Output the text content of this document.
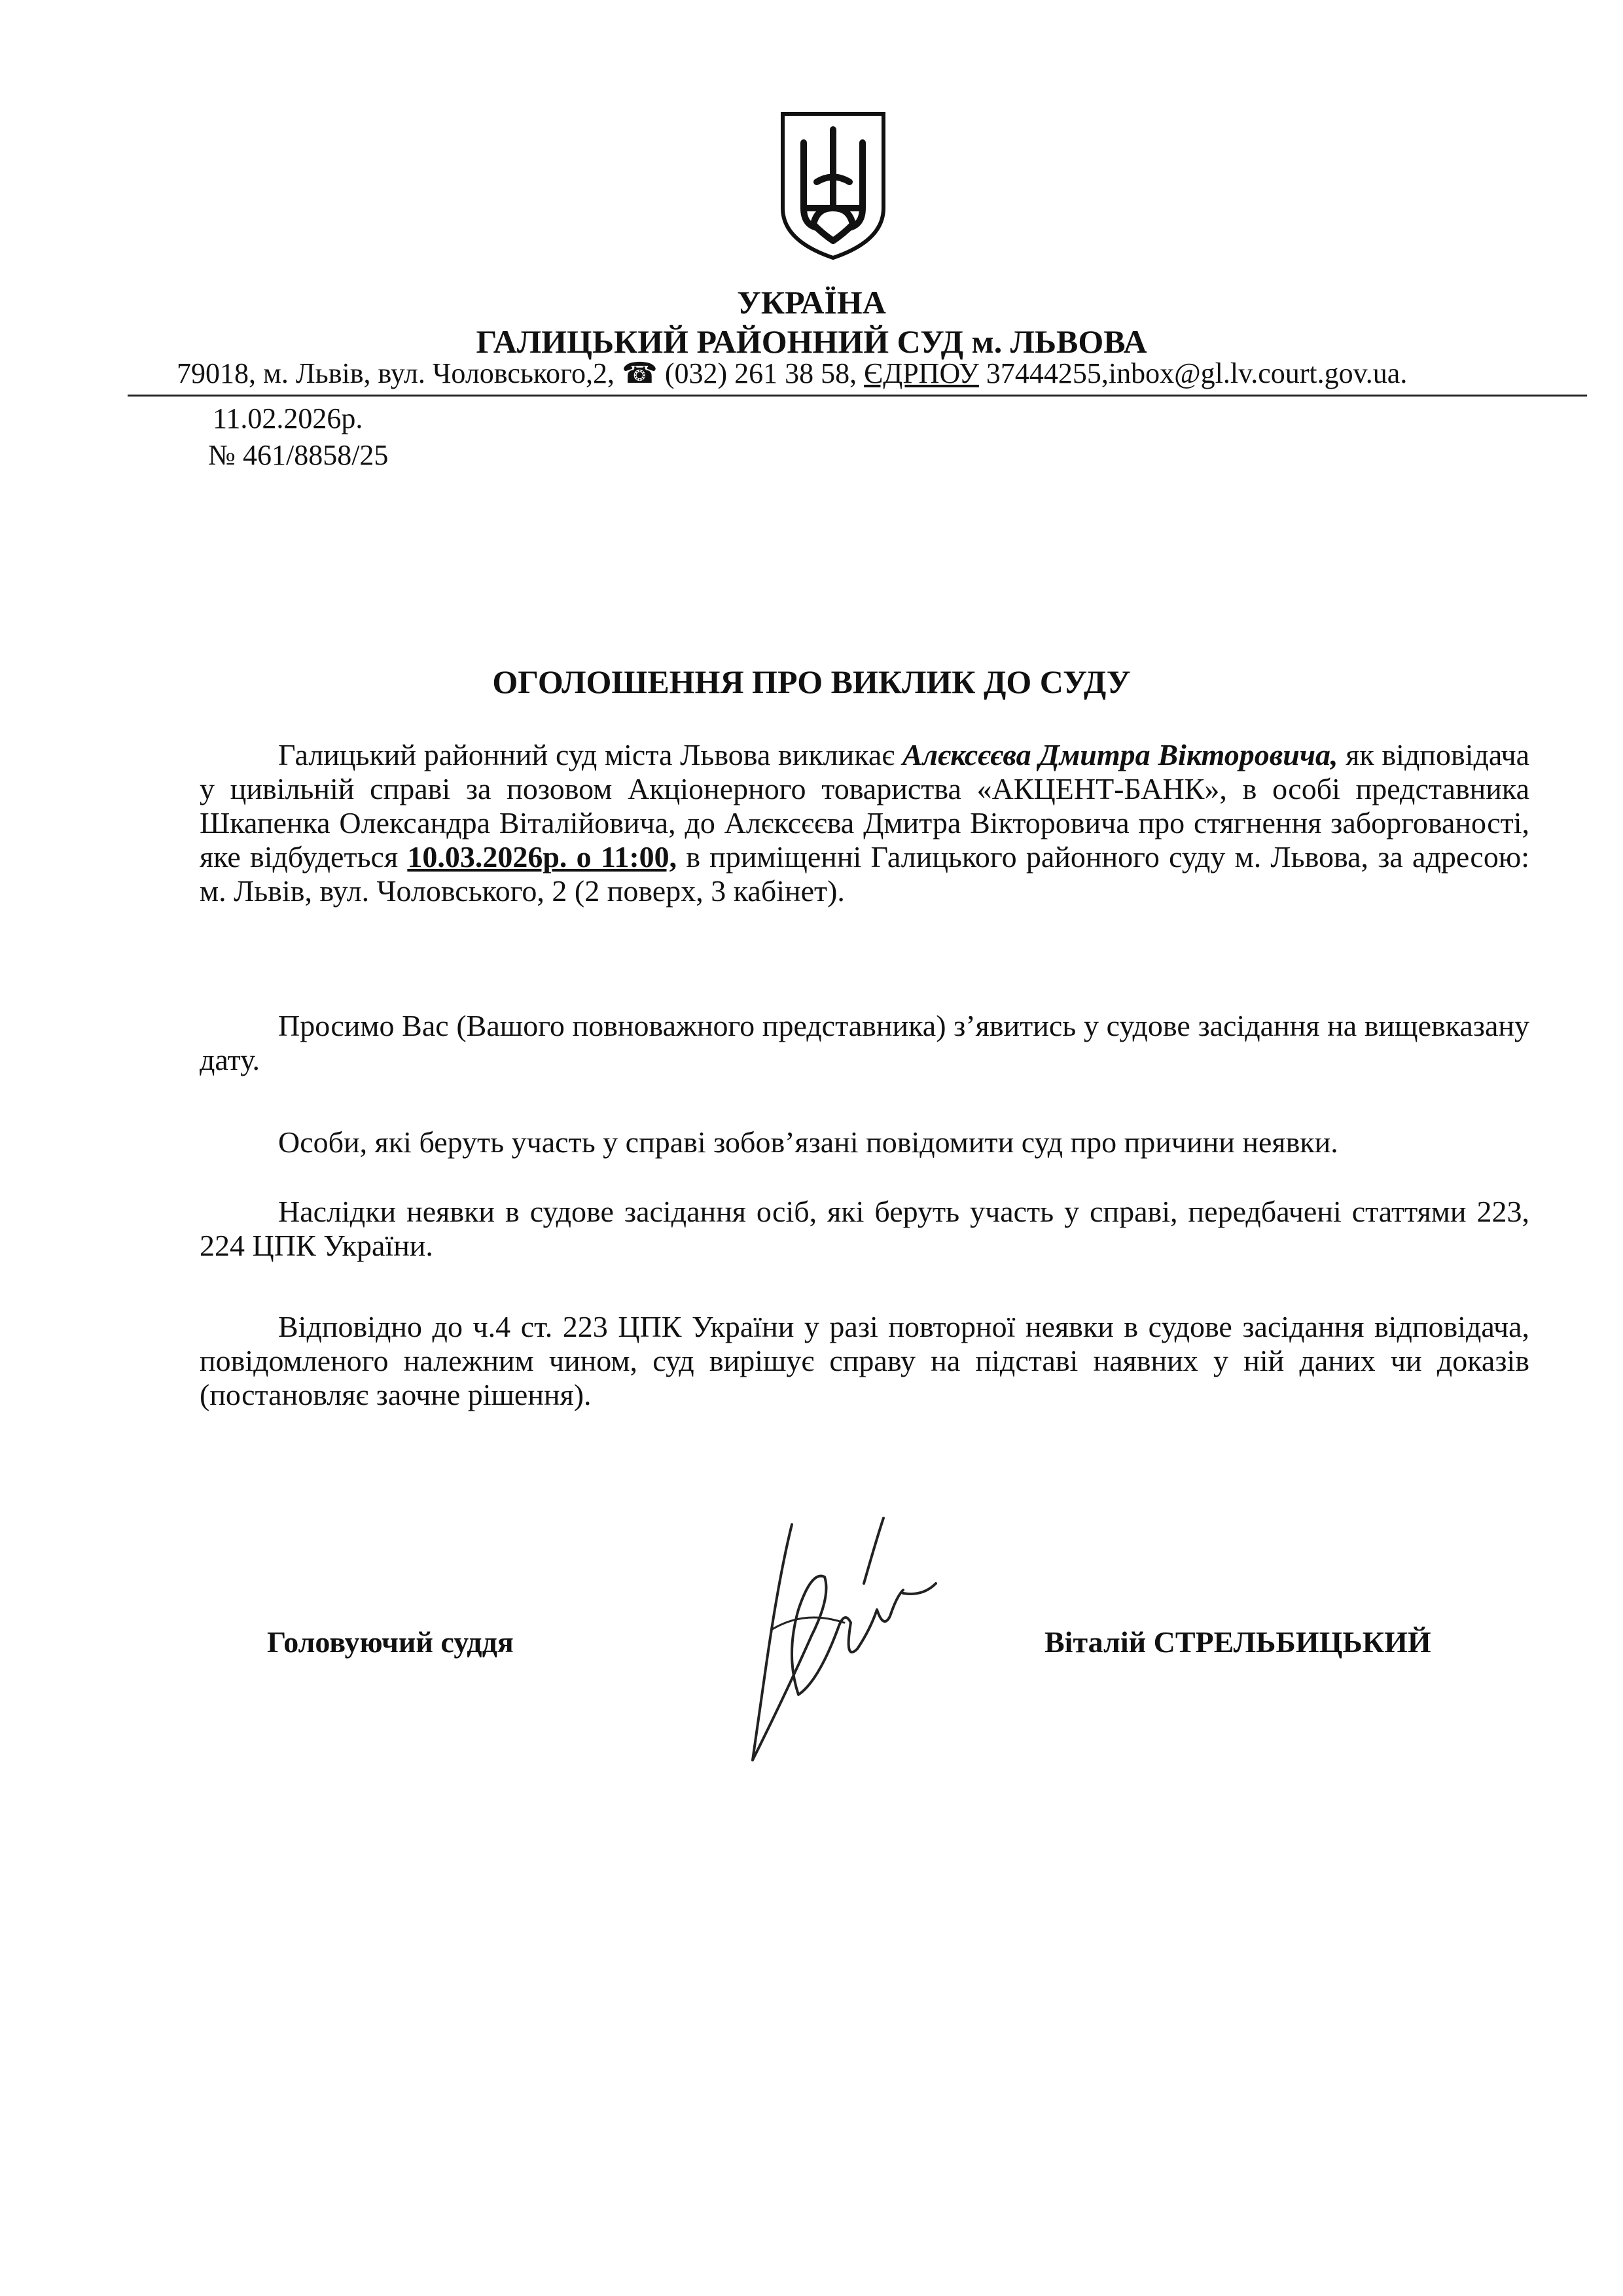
УКРАЇНА
ГАЛИЦЬКИЙ РАЙОННИЙ СУД м. ЛЬВОВА
79018, м. Львів, вул. Чоловського,2, ☎ (032) 261 38 58, ЄДРПОУ 37444255,inbox@gl.lv.court.gov.ua.
11.02.2026р.
№ 461/8858/25
ОГОЛОШЕННЯ ПРО ВИКЛИК ДО СУДУ
Галицький районний суд міста Львова викликає Алєксєєва Дмитра Вікторовича, як відповідача у цивільній справі за позовом Акціонерного товариства «АКЦЕНТ-БАНК», в особі представника Шкапенка Олександра Віталійовича, до Алєксєєва Дмитра Вікторовича про стягнення заборгованості, яке відбудеться 10.03.2026р. о 11:00, в приміщенні Галицького районного суду м. Львова, за адресою: м. Львів, вул. Чоловського, 2 (2 поверх, 3 кабінет).
Просимо Вас (Вашого повноважного представника) з’явитись у судове засідання на вищевказану дату.
Особи, які беруть участь у справі зобов’язані повідомити суд про причини неявки.
Наслідки неявки в судове засідання осіб, які беруть участь у справі, передбачені статтями 223, 224 ЦПК України.
Відповідно до ч.4 ст. 223 ЦПК України у разі повторної неявки в судове засідання відповідача, повідомленого належним чином, суд вирішує справу на підставі наявних у ній даних чи доказів (постановляє заочне рішення).
Головуючий суддя	Віталій СТРЕЛЬБИЦЬКИЙ
